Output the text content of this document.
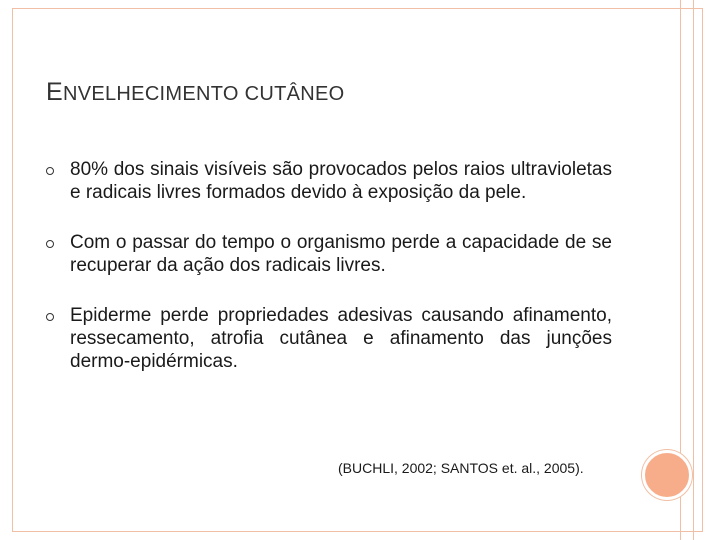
ENVELHECIMENTO CUTÂNEO
80% dos sinais visíveis são provocados pelos raios ultravioletas e radicais livres formados devido à exposição da pele.
Com o passar do tempo o organismo perde a capacidade de se recuperar da ação dos radicais livres.
Epiderme perde propriedades adesivas causando afinamento, ressecamento, atrofia cutânea e afinamento das junções dermo-epidérmicas.
(BUCHLI, 2002; SANTOS et. al., 2005).
